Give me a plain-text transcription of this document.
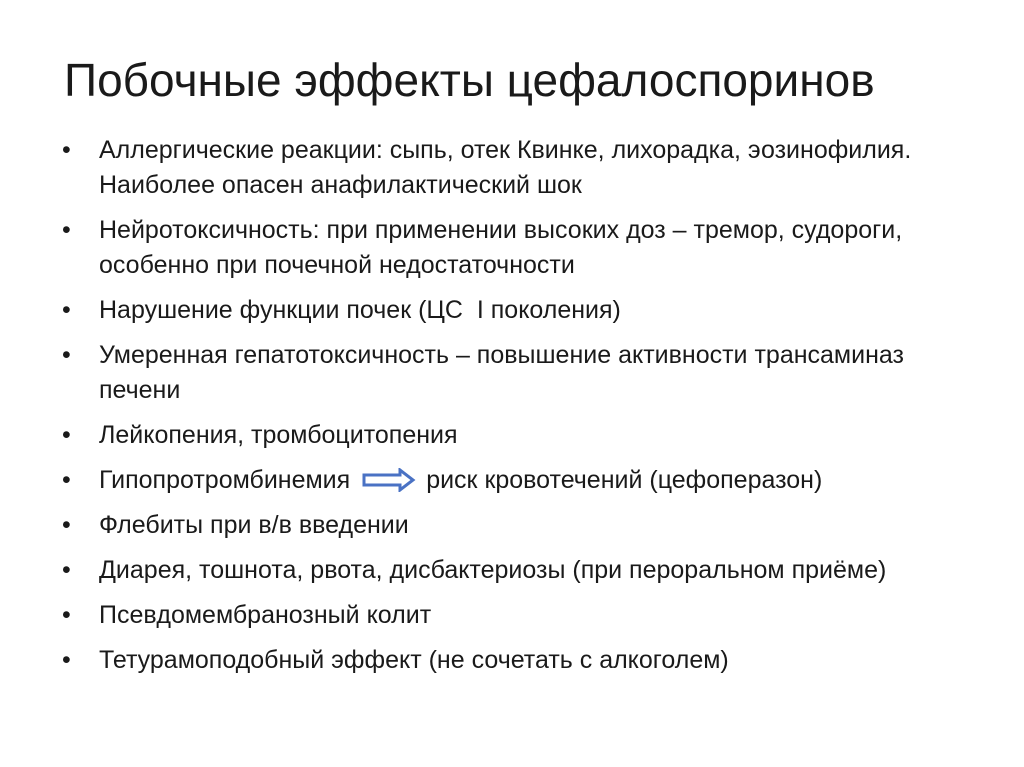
Побочные эффекты цефалоспоринов
• Аллергические реакции: сыпь, отек Квинке, лихорадка, эозинофилия. Наиболее опасен анафилактический шок
• Нейротоксичность: при применении высоких доз – тремор, судороги, особенно при почечной недостаточности
• Нарушение функции почек (ЦС  I поколения)
• Умеренная гепатотоксичность – повышение активности трансаминаз печени
• Лейкопения, тромбоцитопения
• Гипопротромбинемия	риск кровотечений (цефоперазон)
• Флебиты при в/в введении
• Диарея, тошнота, рвота, дисбактериозы (при пероральном приёме)
• Псевдомембранозный колит
• Тетурамоподобный эффект (не сочетать с алкоголем)
